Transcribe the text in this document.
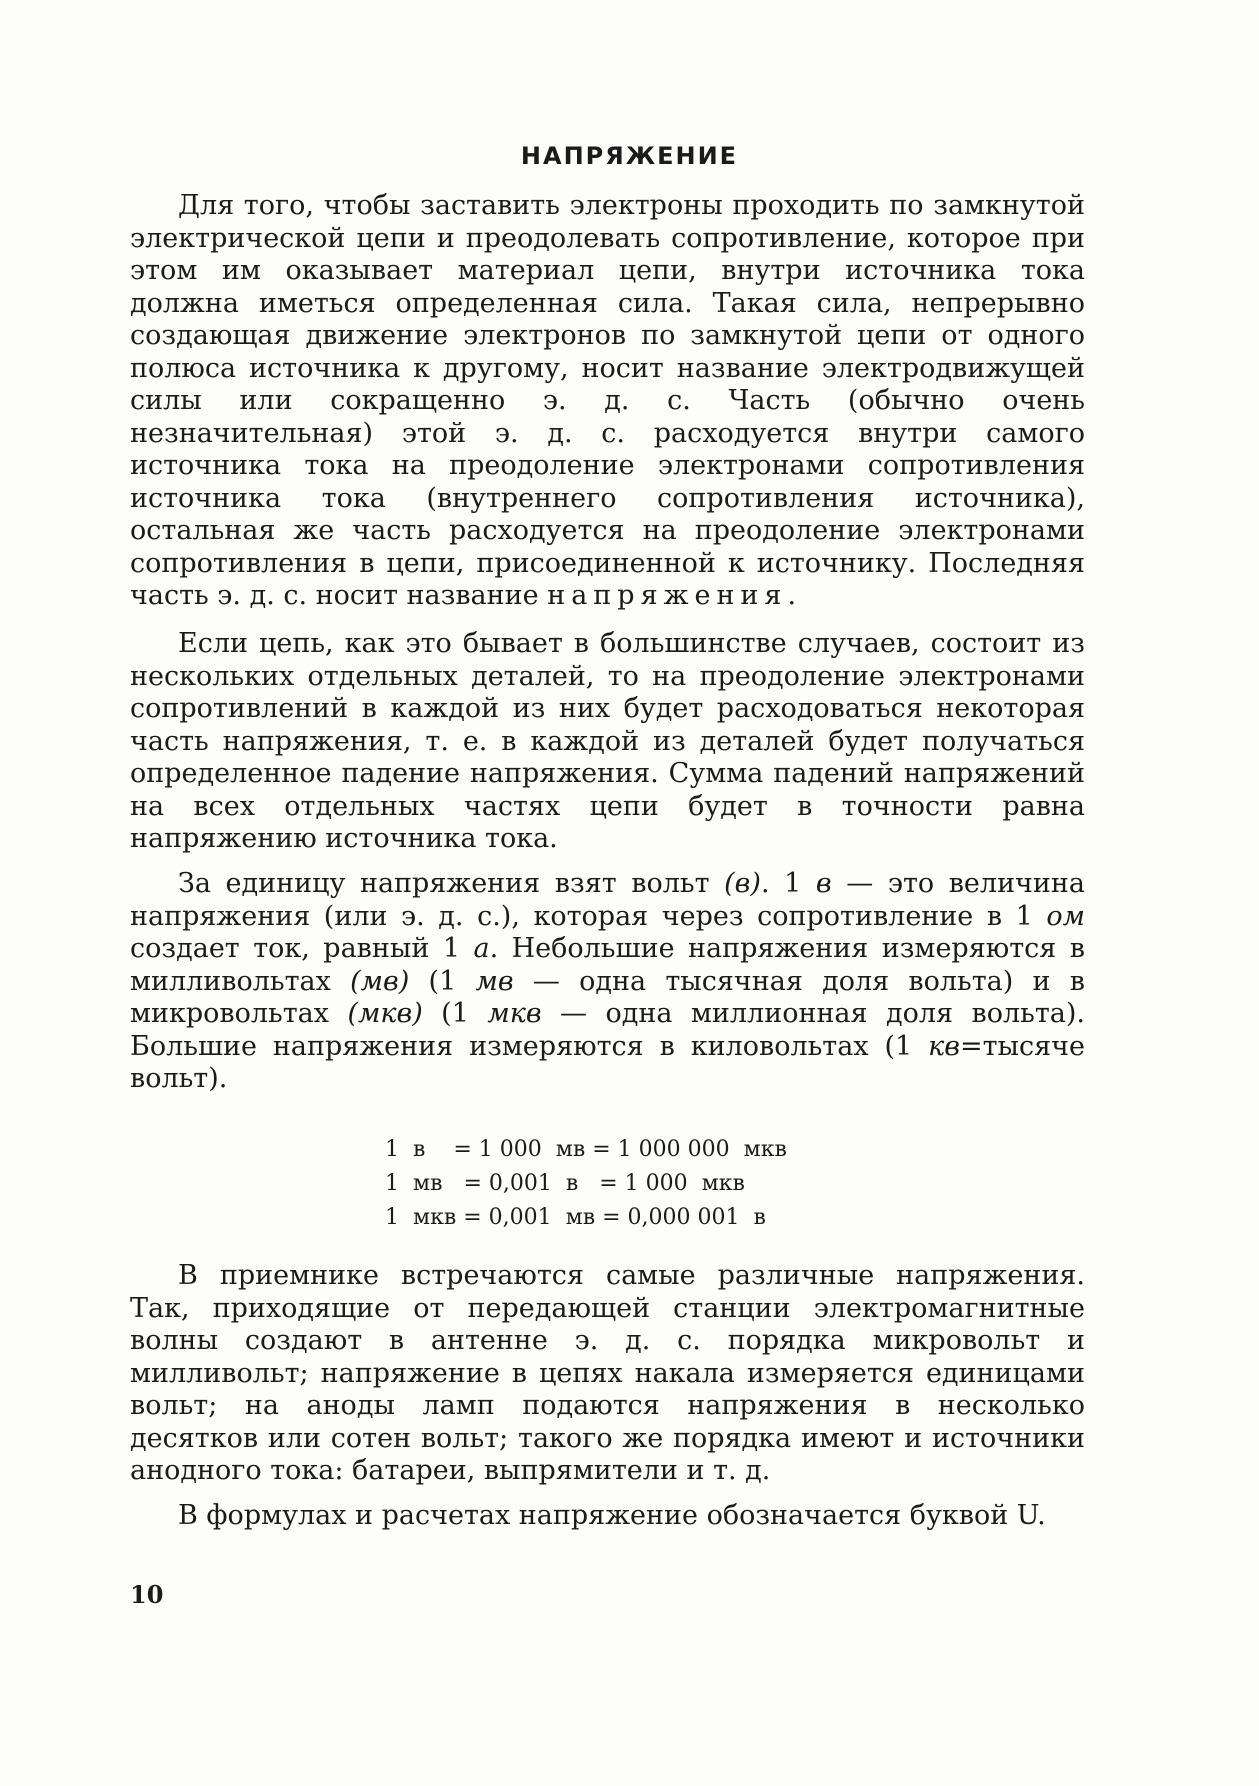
НАПРЯЖЕНИЕ

Для того, чтобы заставить электроны проходить по замкнутой электрической цепи и преодолевать сопротивление, которое при этом им оказывает материал цепи, внутри источника тока должна иметься определенная сила. Такая сила, непрерывно создающая движение электронов по замкнутой цепи от одного полюса источника к другому, носит название электродвижущей силы или сокращенно э. д. с. Часть (обычно очень незначительная) этой э. д. с. расходуется внутри самого источника тока на преодоление электронами сопротивления источника тока (внутреннего сопротивления источника), остальная же часть расходуется на преодоление электронами сопротивления в цепи, присоединенной к источнику. Последняя часть э. д. с. носит название напряжения.

Если цепь, как это бывает в большинстве случаев, состоит из нескольких отдельных деталей, то на преодоление электронами сопротивлений в каждой из них будет расходоваться некоторая часть напряжения, т. е. в каждой из деталей будет получаться определенное падение напряжения. Сумма падений напряжений на всех отдельных частях цепи будет в точности равна напряжению источника тока.

За единицу напряжения взят вольт (в). 1 в — это величина напряжения (или э. д. с.), которая через сопротивление в 1 ом создает ток, равный 1 а. Небольшие напряжения измеряются в милливольтах (мв) (1 мв — одна тысячная доля вольта) и в микровольтах (мкв) (1 мкв — одна миллионная доля вольта). Большие напряжения измеряются в киловольтах (1 кв=тысяче вольт).

1  в    = 1 000  мв = 1 000 000  мкв
1  мв   = 0,001  в   = 1 000  мкв
1  мкв = 0,001  мв = 0,000 001  в

В приемнике встречаются самые различные напряжения. Так, приходящие от передающей станции электромагнитные волны создают в антенне э. д. с. порядка микровольт и милливольт; напряжение в цепях накала измеряется единицами вольт; на аноды ламп подаются напряжения в несколько десятков или сотен вольт; такого же порядка имеют и источники анодного тока: батареи, выпрямители и т. д.

В формулах и расчетах напряжение обозначается буквой U.

10
